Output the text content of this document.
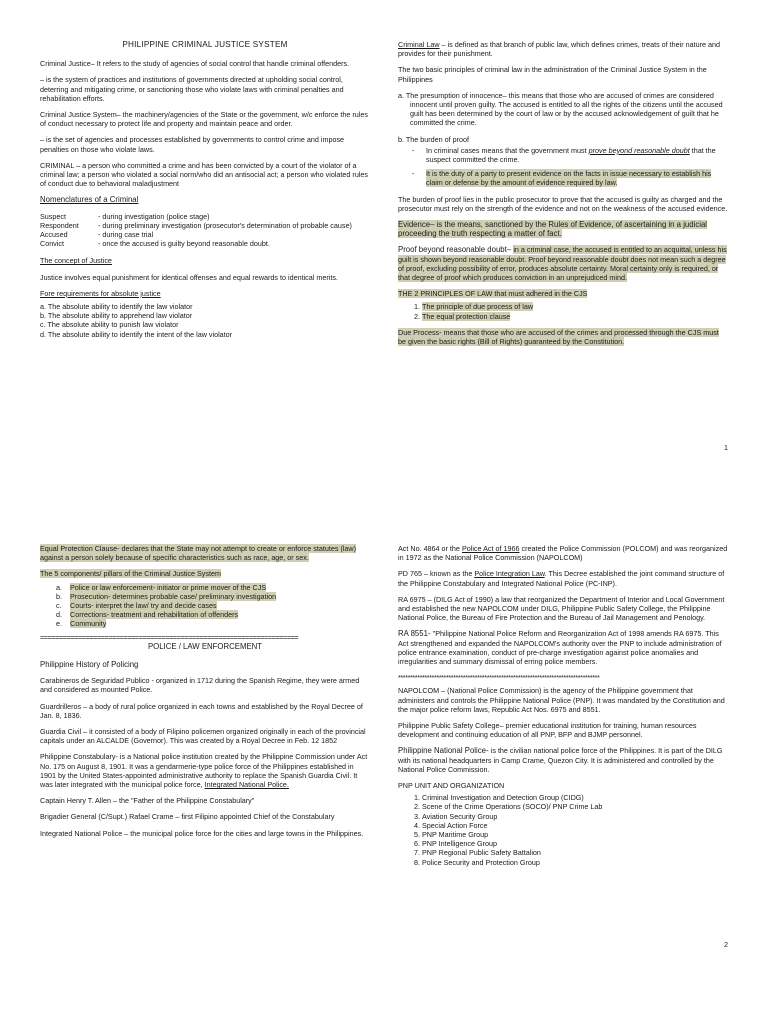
PHILIPPINE CRIMINAL JUSTICE SYSTEM

Criminal Justice– It refers to the study of agencies of social control that handle criminal offenders.

– is the system of practices and institutions of governments directed at upholding social control, deterring and mitigating crime, or sanctioning those who violate laws with criminal penalties and rehabilitation efforts.

Criminal Justice System– the machinery/agencies of the State or the government, w/c enforce the rules of conduct necessary to protect life and property and maintain peace and order.

– is the set of agencies and processes established by governments to control crime and impose penalties on those who violate laws.

CRIMINAL – a person who committed a crime and has been convicted by a court of the violator of a criminal law; a person who violated a social norm/who did an antisocial act; a person who violated rules of conduct due to behavioral maladjustment

Nomenclatures of a Criminal

Suspect	- during investigation (police stage)
Respondent	- during preliminary investigation (prosecutor's determination of probable cause)
Accused	- during case trial
Convict	- once the accused is guilty beyond reasonable doubt.

The concept of Justice

Justice involves equal punishment for identical offenses and equal rewards to identical merits.

Fore requirements for absolute justice

a. The absolute ability to identify the law violator
b. The absolute ability to apprehend law violator
c. The absolute ability to punish law violator
d. The absolute ability to identify the intent of the law violator

Criminal Law – is defined as that branch of public law, which defines crimes, treats of their nature and provides for their punishment.

The two basic principles of criminal law in the administration of the Criminal Justice System in the Philippines

a. The presumption of innocence– this means that those who are accused of crimes are considered innocent until proven guilty. The accused is entitled to all the rights of the citizens until the accused guilt has been determined by the court of law or by the accused acknowledgement of guilt that he committed the crime.

b. The burden of proof

- In criminal cases means that the government must prove beyond reasonable doubt that the suspect committed the crime.
- It is the duty of a party to present evidence on the facts in issue necessary to establish his claim or defense by the amount of evidence required by law.

The burden of proof lies in the public prosecutor to prove that the accused is guilty as charged and the prosecutor must rely on the strength of the evidence and not on the weakness of the accused evidence.

Evidence– is the means, sanctioned by the Rules of Evidence, of ascertaining in a judicial proceeding the truth respecting a matter of fact.

Proof beyond reasonable doubt– in a criminal case, the accused is entitled to an acquittal, unless his guilt is shown beyond reasonable doubt. Proof beyond reasonable doubt does not mean such a degree of proof, excluding possibility of error, produces absolute certainty. Moral certainty only is required, or that degree of proof which produces conviction in an unprejudiced mind.

THE 2 PRINCIPLES OF LAW that must adhered in the CJS

1. The principle of due process of law
2. The equal protection clause

Due Process- means that those who are accused of the crimes and processed through the CJS must be given the basic rights (Bill of Rights) guaranteed by the Constitution.

1

Equal Protection Clause- declares that the State may not attempt to create or enforce statutes (law) against a person solely because of specific characteristics such as race, age, or sex.

The 5 components/ pillars of the Criminal Justice System

a. Police or law enforcement- initiator or prime mover of the CJS
b. Prosecution- determines probable case/ preliminary investigation
c. Courts- interpret the law/ try and decide cases
d. Corrections- treatment and rehabilitation of offenders
e. Community
====================================================================

POLICE / LAW ENFORCEMENT

Philippine History of Policing

Carabineros de Seguridad Publico - organized in 1712 during the Spanish Regime, they were armed and considered as mounted Police.

Guardrilleros – a body of rural police organized in each towns and established by the Royal Decree of Jan. 8, 1836.

Guardia Civil – it consisted of a body of Filipino policemen organized originally in each of the provincial capitals under an ALCALDE (Governor). This was created by a Royal Decree in Feb. 12 1852

Philippine Constabulary- is a National police institution created by the Philippine Commission under Act No. 175 on August 8, 1901. It was a gendarmerie-type police force of the Philippines established in 1901 by the United States-appointed administrative authority to replace the Spanish Guardia Civil. It was later integrated with the municipal police force, Integrated National Police.

Captain Henry T. Allen – the "Father of the Philippine Constabulary"

Brigadier General (C/Supt.) Rafael Crame – first Filipino appointed Chief of the Constabulary

Integrated National Police – the municipal police force for the cities and large towns in the Philippines.

Act No. 4864 or the Police Act of 1966 created the Police Commission (POLCOM) and was reorganized in 1972 as the National Police Commission (NAPOLCOM)

PD 765 – known as the Police Integration Law. This Decree established the joint command structure of the Philippine Constabulary and Integrated National Police (PC-INP).

RA 6975 – (DILG Act of 1990) a law that reorganized the Department of Interior and Local Government and established the new NAPOLCOM under DILG, Philippine Public Safety College, the Philippine National Police, the Bureau of Fire Protection and the Bureau of Jail Management and Penology.

RA 8551- "Philippine National Police Reform and Reorganization Act of 1998 amends RA 6975. This Act strengthened and expanded the NAPOLCOM's authority over the PNP to include administration of police entrance examination, conduct of pre-charge investigation against police anomalies and irregularities and summary dismissal of erring police members.

************************************************************************************

NAPOLCOM – (National Police Commission) is the agency of the Philippine government that administers and controls the Philippine National Police (PNP). It was mandated by the Constitution and the major police reform laws, Republic Act Nos. 6975 and 8551.

Philippine Public Safety College– premier educational institution for training, human resources development and continuing education of all PNP, BFP and BJMP personnel.

Philippine National Police- is the civilian national police force of the Philippines. It is part of the DILG with its national headquarters in Camp Crame, Quezon City. It is administered and controlled by the National Police Commission.

PNP UNIT AND ORGANIZATION

1. Criminal Investigation and Detection Group (CIDG)
2. Scene of the Crime Operations (SOCO)/ PNP Crime Lab
3. Aviation Security Group
4. Special Action Force
5. PNP Maritime Group
6. PNP Intelligence Group
7. PNP Regional Public Safety Battalion
8. Police Security and Protection Group
2
